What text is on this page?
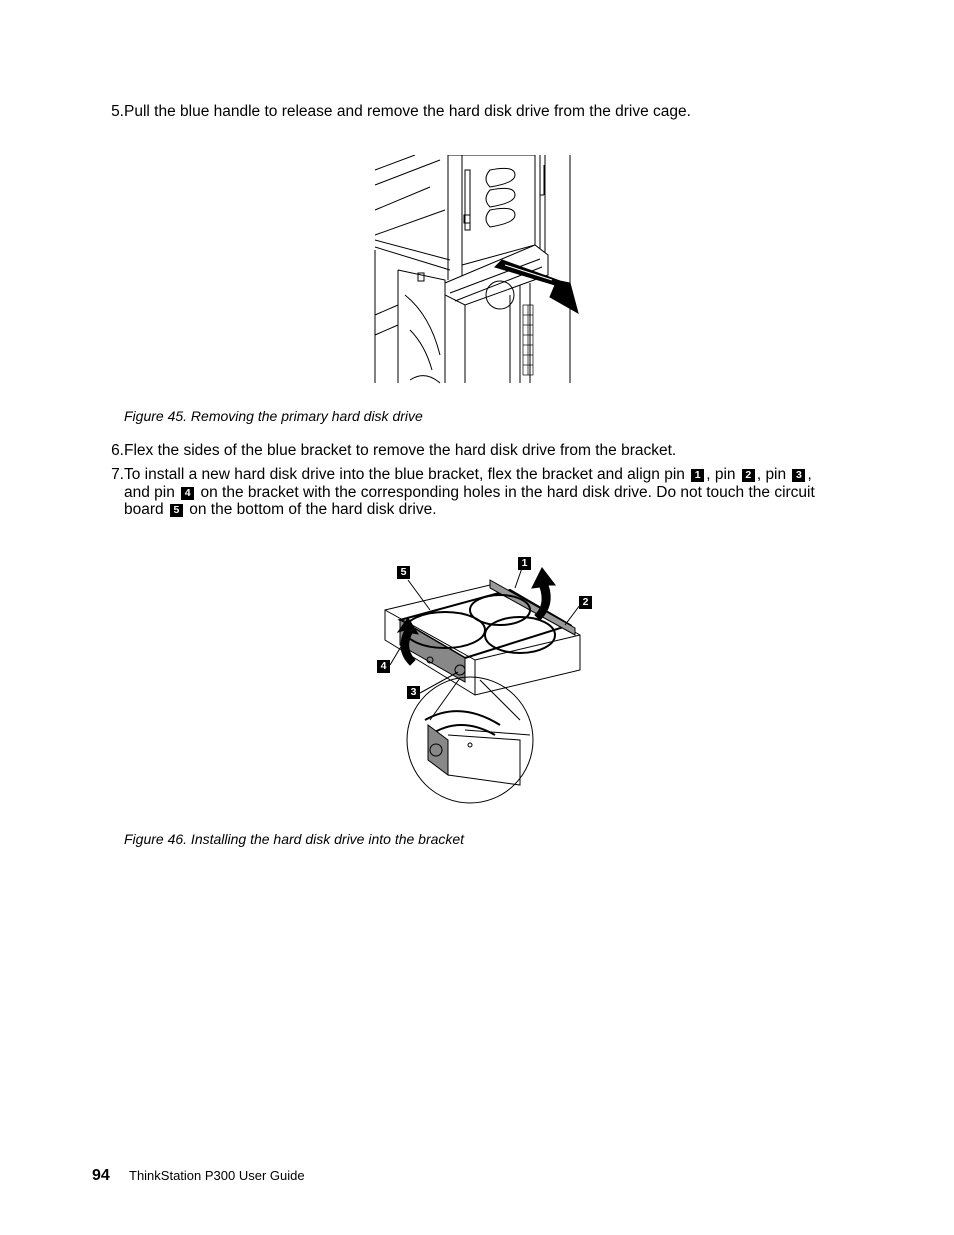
5. Pull the blue handle to release and remove the hard disk drive from the drive cage.
Figure 45. Removing the primary hard disk drive
6. Flex the sides of the blue bracket to remove the hard disk drive from the bracket.
7. To install a new hard disk drive into the blue bracket, flex the bracket and align pin 1 , pin 2 , pin 3 , and pin 4 on the bracket with the corresponding holes in the hard disk drive. Do not touch the circuit board 5 on the bottom of the hard disk drive.
1
2
3
4
5
Figure 46. Installing the hard disk drive into the bracket
94 ThinkStation P300 User Guide
